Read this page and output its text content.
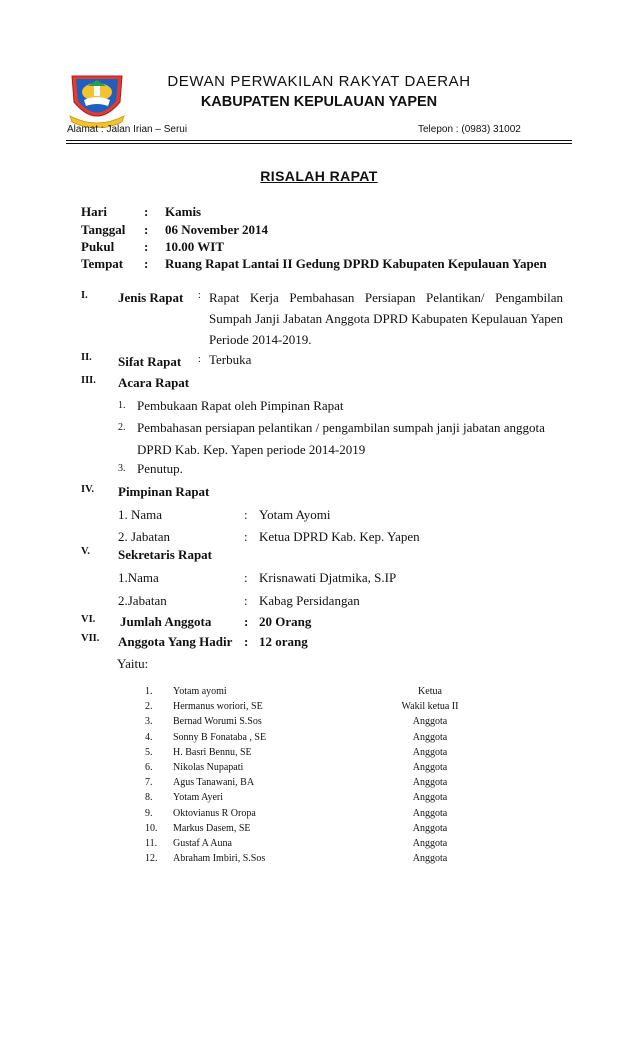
DEWAN PERWAKILAN RAKYAT DAERAH
KABUPATEN KEPULAUAN YAPEN
Alamat : Jalan Irian – Serui	Telepon : (0983) 31002
RISALAH RAPAT
Hari	: Kamis
Tanggal : 06 November 2014
Pukul : 10.00 WIT
Tempat : Ruang Rapat Lantai II Gedung DPRD Kabupaten Kepulauan Yapen
I. Jenis Rapat : Rapat Kerja Pembahasan Persiapan Pelantikan/ Pengambilan
Sumpah Janji Jabatan Anggota DPRD Kabupaten Kepulauan Yapen
Periode 2014-2019.
II. Sifat Rapat : Terbuka
III. Acara Rapat
1. Pembukaan Rapat oleh Pimpinan Rapat
2. Pembahasan persiapan pelantikan / pengambilan sumpah janji jabatan anggota
DPRD Kab. Kep. Yapen periode 2014-2019
3. Penutup.
IV. Pimpinan Rapat
1. Nama	: Yotam Ayomi
2. Jabatan	: Ketua DPRD Kab. Kep. Yapen
V. Sekretaris Rapat
1.Nama	: Krisnawati Djatmika, S.IP
2.Jabatan	: Kabag Persidangan
VI. Jumlah Anggota	: 20 Orang
VII. Anggota Yang Hadir : 12 orang
Yaitu:
1. Yotam ayomi	Ketua
2. Hermanus woriori, SE	Wakil ketua II
3. Bernad Worumi S.Sos	Anggota
4. Sonny B Fonataba , SE	Anggota
5. H. Basri Bennu, SE	Anggota
6. Nikolas Nupapati	Anggota
7. Agus Tanawani, BA	Anggota
8. Yotam Ayeri	Anggota
9. Oktovianus R Oropa	Anggota
10. Markus Dasem, SE	Anggota
11. Gustaf A Auna	Anggota
12. Abraham Imbiri, S.Sos	Anggota
